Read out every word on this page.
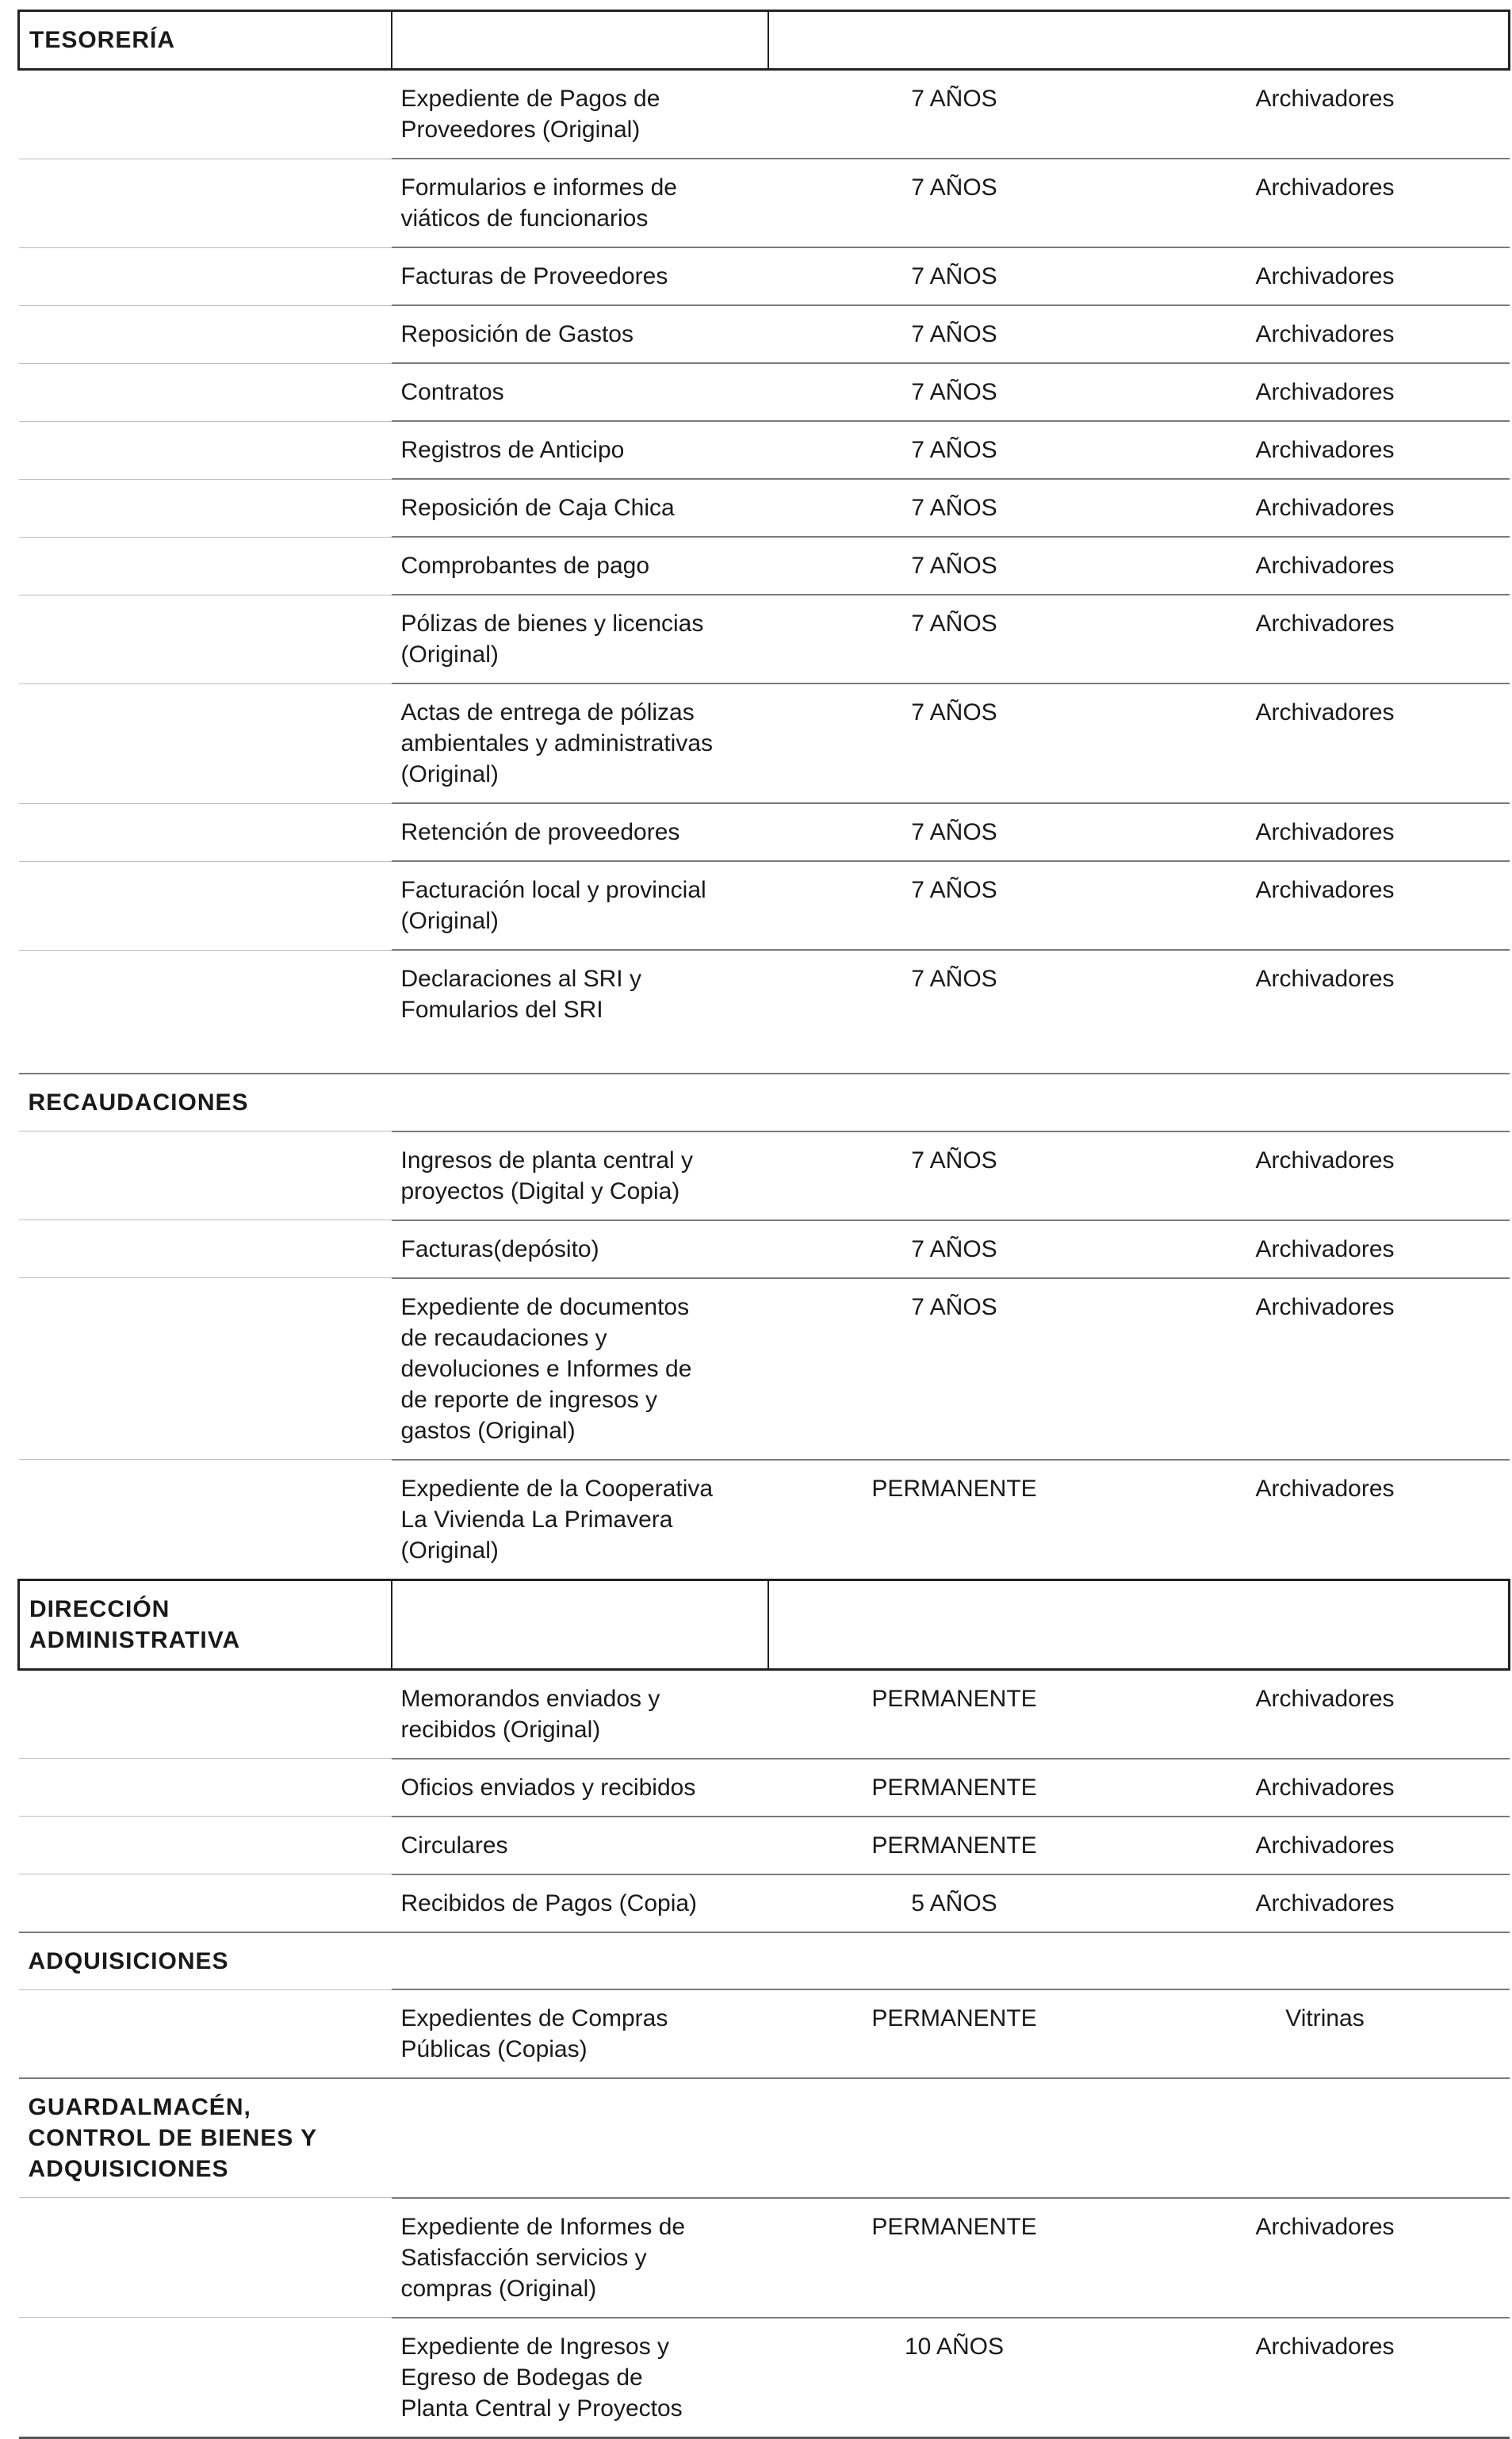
TESORERÍA			
	Expediente de Pagos de
Proveedores (Original)	7 AÑOS	Archivadores
	Formularios e informes de
viáticos de funcionarios	7 AÑOS	Archivadores
	Facturas de Proveedores	7 AÑOS	Archivadores
	Reposición de Gastos	7 AÑOS	Archivadores
	Contratos	7 AÑOS	Archivadores
	Registros de Anticipo	7 AÑOS	Archivadores
	Reposición de Caja Chica	7 AÑOS	Archivadores
	Comprobantes de pago	7 AÑOS	Archivadores
	Pólizas de bienes y licencias
(Original)	7 AÑOS	Archivadores
	Actas de entrega de pólizas
ambientales y administrativas
(Original)	7 AÑOS	Archivadores
	Retención de proveedores	7 AÑOS	Archivadores
	Facturación local y provincial
(Original)	7 AÑOS	Archivadores
	Declaraciones al SRI y
Fomularios del SRI	7 AÑOS	Archivadores
RECAUDACIONES			
	Ingresos de planta central y
proyectos (Digital y Copia)	7 AÑOS	Archivadores
	Facturas(depósito)	7 AÑOS	Archivadores
	Expediente de documentos
de recaudaciones y
devoluciones e Informes de
de reporte de ingresos y
gastos (Original)	7 AÑOS	Archivadores
	Expediente de la Cooperativa
La Vivienda La Primavera
(Original)	PERMANENTE	Archivadores
DIRECCIÓN
ADMINISTRATIVA			
	Memorandos enviados y
recibidos (Original)	PERMANENTE	Archivadores
	Oficios enviados y recibidos	PERMANENTE	Archivadores
	Circulares	PERMANENTE	Archivadores
	Recibidos de Pagos (Copia)	5 AÑOS	Archivadores
ADQUISICIONES			
	Expedientes de Compras
Públicas (Copias)	PERMANENTE	Vitrinas
GUARDALMACÉN,
CONTROL DE BIENES Y
ADQUISICIONES			
	Expediente de Informes de
Satisfacción servicios y
compras (Original)	PERMANENTE	Archivadores
	Expediente de Ingresos y
Egreso de Bodegas de
Planta Central y Proyectos	10 AÑOS	Archivadores
